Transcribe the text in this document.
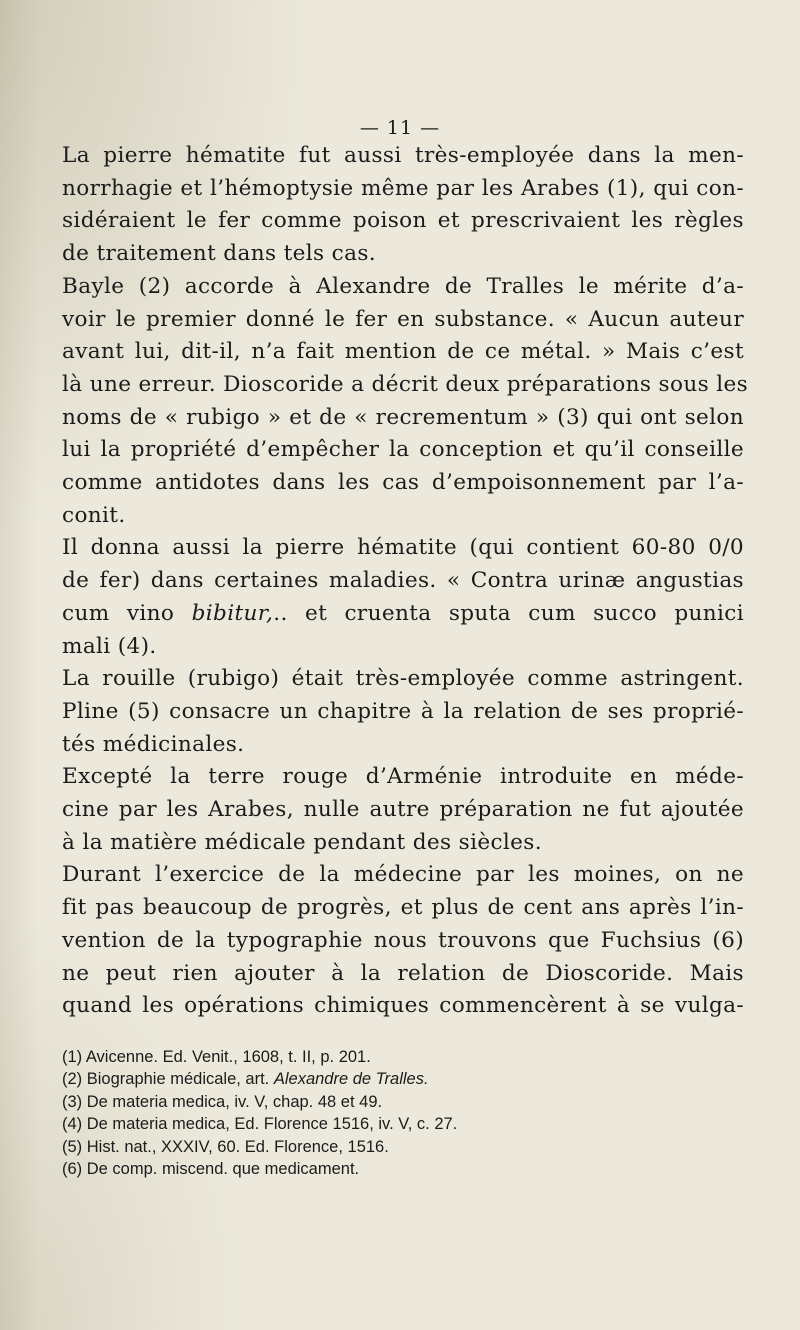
— 11 —
La pierre hématite fut aussi très-employée dans la men-
norrhagie et l’hémoptysie même par les Arabes (1), qui con-
sidéraient le fer comme poison et prescrivaient les règles
de traitement dans tels cas.
Bayle (2) accorde à Alexandre de Tralles le mérite d’a-
voir le premier donné le fer en substance. « Aucun auteur
avant lui, dit-il, n’a fait mention de ce métal. » Mais c’est
là une erreur. Dioscoride a décrit deux préparations sous les
noms de « rubigo » et de « recrementum » (3) qui ont selon
lui la propriété d’empêcher la conception et qu’il conseille
comme antidotes dans les cas d’empoisonnement par l’a-
conit.
Il donna aussi la pierre hématite (qui contient 60-80 0/0
de fer) dans certaines maladies. « Contra urinæ angustias
cum vino bibitur,.. et cruenta sputa cum succo punici
mali (4).
La rouille (rubigo) était très-employée comme astringent.
Pline (5) consacre un chapitre à la relation de ses proprié-
tés médicinales.
Excepté la terre rouge d’Arménie introduite en méde-
cine par les Arabes, nulle autre préparation ne fut ajoutée
à la matière médicale pendant des siècles.
Durant l’exercice de la médecine par les moines, on ne
fit pas beaucoup de progrès, et plus de cent ans après l’in-
vention de la typographie nous trouvons que Fuchsius (6)
ne peut rien ajouter à la relation de Dioscoride. Mais
quand les opérations chimiques commencèrent à se vulga-
(1) Avicenne. Ed. Venit., 1608, t. II, p. 201.
(2) Biographie médicale, art. Alexandre de Tralles.
(3) De materia medica, iv. V, chap. 48 et 49.
(4) De materia medica, Ed. Florence 1516, iv. V, c. 27.
(5) Hist. nat., XXXIV, 60. Ed. Florence, 1516.
(6) De comp. miscend. que medicament.
